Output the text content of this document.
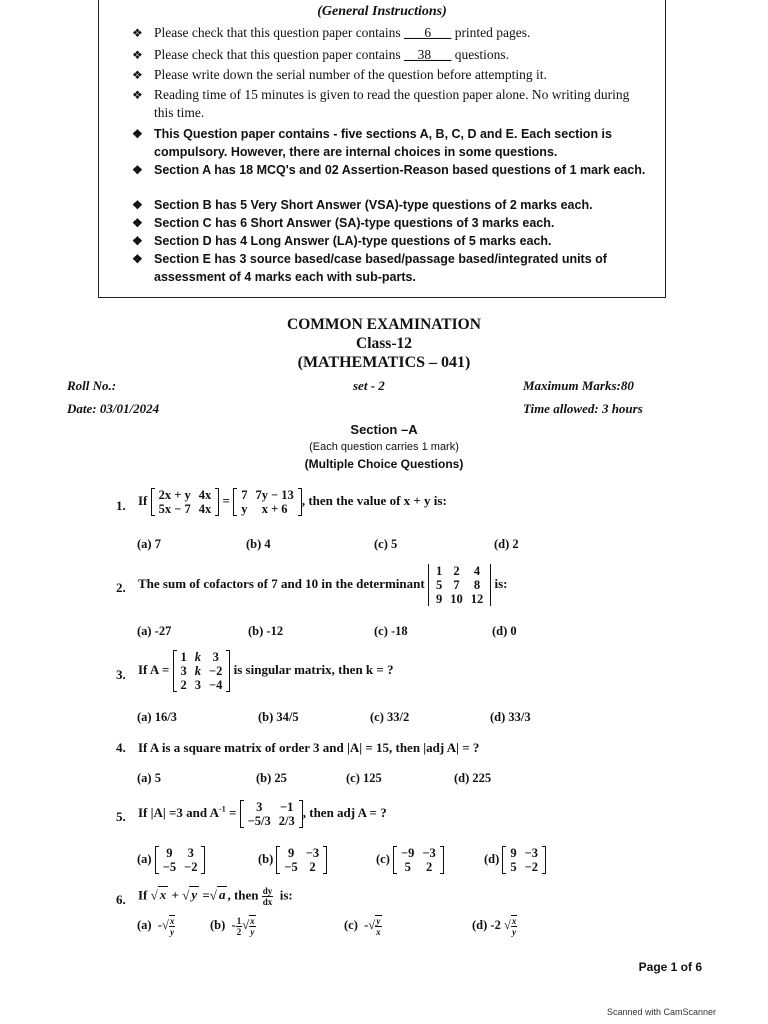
(General Instructions)
❖ Please check that this question paper contains ___6___ printed pages.
❖ Please check that this question paper contains __38___ questions.
❖ Please write down the serial number of the question before attempting it.
❖ Reading time of 15 minutes is given to read the question paper alone. No writing during this time.
❖ This Question paper contains - five sections A, B, C, D and E. Each section is compulsory. However, there are internal choices in some questions.
❖ Section A has 18 MCQ's and 02 Assertion-Reason based questions of 1 mark each.
❖ Section B has 5 Very Short Answer (VSA)-type questions of 2 marks each.
❖ Section C has 6 Short Answer (SA)-type questions of 3 marks each.
❖ Section D has 4 Long Answer (LA)-type questions of 5 marks each.
❖ Section E has 3 source based/case based/passage based/integrated units of assessment of 4 marks each with sub-parts.
COMMON EXAMINATION
Class-12
(MATHEMATICS – 041)
Roll No.:	set - 2	Maximum Marks:80
Date: 03/01/2024	Time allowed: 3 hours
Section –A
(Each question carries 1 mark)
(Multiple Choice Questions)
1. If 2x + y	4x
5x − 7	4x
= 7	7y − 13
y	x + 6
, then the value of x + y is:
(a) 7	(b) 4	(c) 5	(d) 2
2. The sum of cofactors of 7 and 10 in the determinant
1	2	4
5	7	8
9	10	12
is:
(a) -27	(b) -12	(c) -18	(d) 0
3. If A =
1	k	3
3	k	−2
2	3	−4
is singular matrix, then k = ?
(a) 16/3	(b) 34/5	(c) 33/2	(d) 33/3
4. If A is a square matrix of order 3 and |A| = 15, then |adj A| = ?
(a) 5	(b) 25	(c) 125	(d) 225
5. If |A| =3 and $A^{-1} = 3$	−1
−5/3	2/3
, then adj A = ?
(a) 9	3
−5	−2
(b) 9	−3
−5	2
(c) −9	−3
5	2
(d) 9	−3
5	−2
6. If √ x + √ y =√ a , then $\frac{dy}{dx}$ is:
(a) -√ $\frac{x}{y}$	$(b) - \frac{1}{2}$ √ $\frac{x}{y}$	(c) -√ $\frac{y}{x}$	(d) -2 √ $\frac{x}{y}$
Page 1 of 6
Scanned with CamScanner
